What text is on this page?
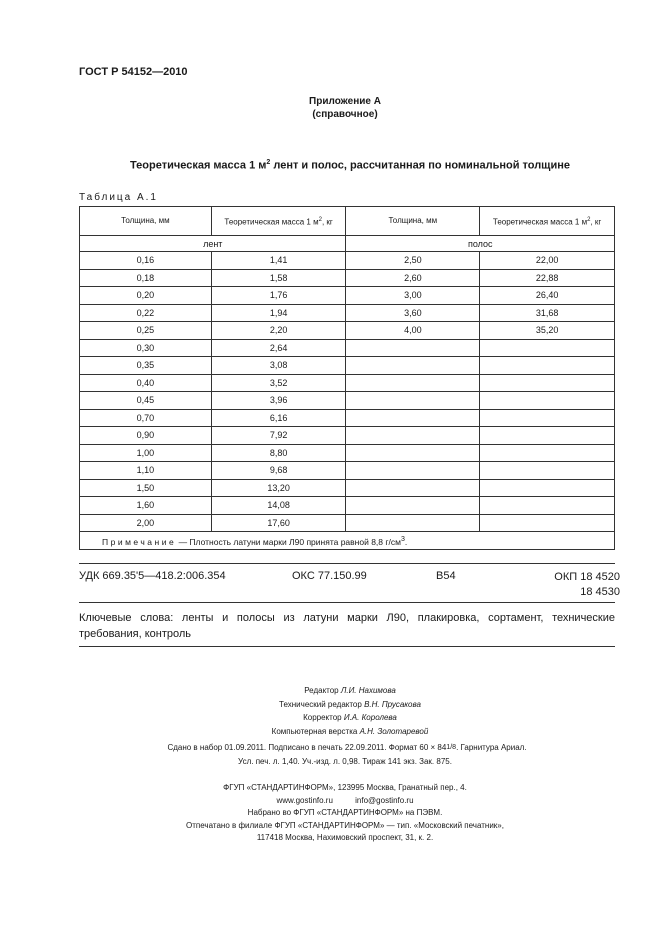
ГОСТ Р 54152—2010
Приложение А
(справочное)
Теоретическая масса 1 $м^2$ лент и полос, рассчитанная по номинальной толщине
Таблица А.1
Толщина, мм	Теоретическая масса 1 $м^2$, кг	Толщина, мм	Теоретическая масса 1 $м^2$, кг
лент		полос	
0,16	1,41	2,50	22,00
0,18	1,58	2,60	22,88
0,20	1,76	3,00	26,40
0,22	1,94	3,60	31,68
0,25	2,20	4,00	35,20
0,30	2,64		
0,35	3,08		
0,40	3,52		
0,45	3,96		
0,70	6,16		
0,90	7,92		
1,00	8,80		
1,10	9,68		
1,50	13,20		
1,60	14,08		
2,00	17,60		
Примечание — Плотность латуни марки Л90 принята равной 8,8 $г/см^3$.			
УДК 669.35'5—418.2:006.354	ОКС 77.150.99	В54	ОКП 18 4520
18 4530
Ключевые слова: ленты и полосы из латуни марки Л90, плакировка, сортамент, технические требования, контроль
Редактор Л.И. Нахимова
Технический редактор В.Н. Прусакова
Корректор И.А. Королева
Компьютерная верстка А.Н. Золотаревой
Сдано в набор 01.09.2011. Подписано в печать 22.09.2011. Формат 60 × 841/8. Гарнитура Ариал.
Усл. печ. л. 1,40. Уч.-изд. л. 0,98. Тираж 141 экз. Зак. 875.
ФГУП «СТАНДАРТИНФОРМ», 123995 Москва, Гранатный пер., 4.
www.gostinfo.ru          info@gostinfo.ru
Набрано во ФГУП «СТАНДАРТИНФОРМ» на ПЭВМ.
Отпечатано в филиале ФГУП «СТАНДАРТИНФОРМ» — тип. «Московский печатник»,
117418 Москва, Нахимовский проспект, 31, к. 2.
